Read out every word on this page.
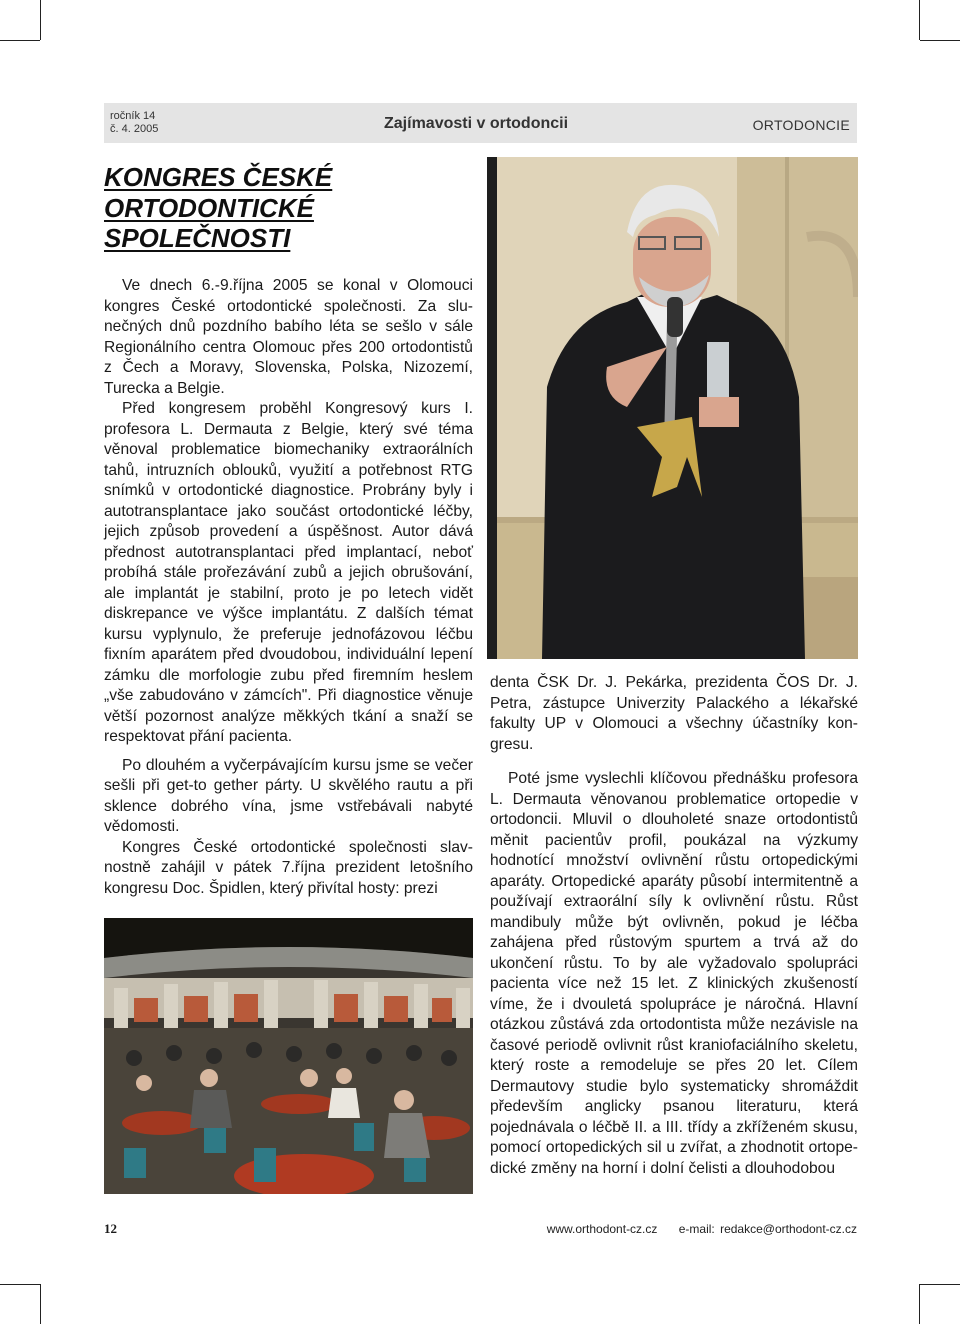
ročník 14
č. 4. 2005	Zajímavosti v ortodoncii	ORTODONCIE
KONGRES ČESKÉ
ORTODONTICKÉ
SPOLEČNOSTI

Ve dnech 6.-9.října 2005 se konal v Olomouci kongres České ortodontické společnosti. Za slunečných dnů pozdního babího léta se sešlo v sále Regionálního centra Olomouc přes 200 ortodontistů z Čech a Moravy, Slovenska, Polska, Nizozemí, Turecka a Belgie.

Před kongresem proběhl Kongresový kurs I. profesora L. Dermauta z Belgie, který své téma věnoval problematice biomechaniky extraorálních tahů, intruzních oblouků, využití a potřebnost RTG snímků v ortodontické diagnostice. Probrány byly i autotransplantace jako součást ortodontické léčby, jejich způsob provedení a úspěšnost. Autor dává přednost autotransplantaci před implantací, neboť probíhá stále prořezávání zubů a jejich obrušování, ale implantát je stabilní, proto je po letech vidět diskrepance ve výšce implantátu. Z dalších témat kursu vyplynulo, že preferuje jednofázovou léčbu fixním aparátem před dvoudobou, individuální lepení zámku dle morfologie zubu před firemním heslem „vše zabudováno v zámcích". Při diagnostice věnuje větší pozornost analýze měkkých tkání a snaží se respektovat přání pacienta.

Po dlouhém a vyčerpávajícím kursu jsme se večer sešli při get-to gether párty. U skvělého rautu a při sklence dobrého vína, jsme vstřebávali nabyté vědomosti.

Kongres České ortodontické společnosti slavnostně zahájil v pátek 7.října prezident letošního kongresu Doc. Špidlen, který přivítal hosty: prezi

denta ČSK Dr. J. Pekárka, prezidenta ČOS Dr. J. Petra, zástupce Univerzity Palackého a lékařské fakulty UP v Olomouci a všechny účastníky kongresu.

Poté jsme vyslechli klíčovou přednášku profesora L. Dermauta věnovanou problematice ortopedie v ortodoncii. Mluvil o dlouholeté snaze ortodontistů měnit pacientův profil, poukázal na výzkumy hodnotící množství ovlivnění růstu ortopedickými aparáty. Ortopedické aparáty působí intermitentně a používají extraorální síly k ovlivnění růstu. Růst mandibuly může být ovlivněn, pokud je léčba zahájena před růstovým spurtem a trvá až do ukončení růstu. To by ale vyžadovalo spolupráci pacienta více než 15 let. Z klinických zkušeností víme, že i dvouletá spolupráce je náročná. Hlavní otázkou zůstává zda ortodontista může nezávisle na časové periodě ovlivnit růst kraniofaciálního skeletu, který roste a remodeluje se přes 20 let. Cílem Dermautovy studie bylo systematicky shromáždit především anglicky psanou literaturu, která pojednávala o léčbě II. a III. třídy a zkříženém skusu, pomocí ortopedických sil u zvířat, a zhodnotit ortopedické změny na horní i dolní čelisti a dlouhodobou

12	www.orthodont-cz.cz e-mail: redakce@orthodont-cz.cz
